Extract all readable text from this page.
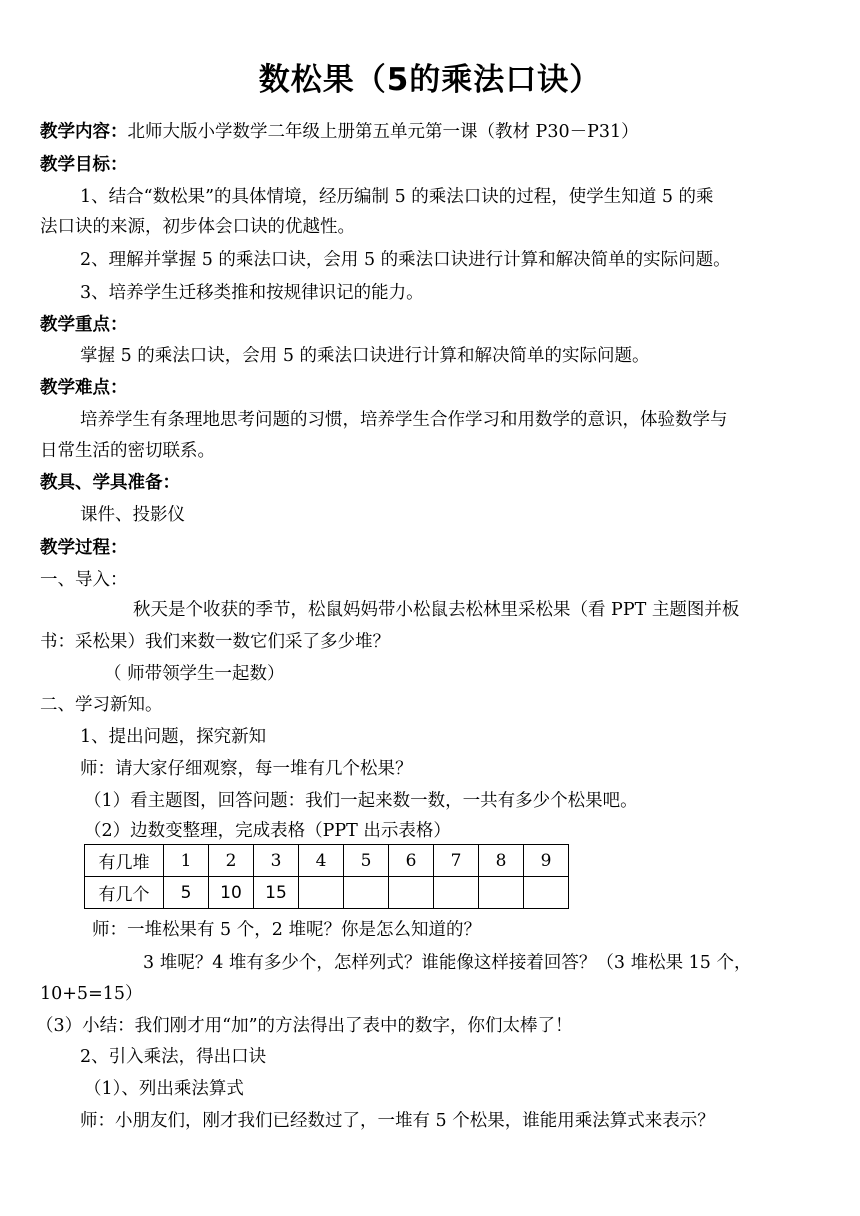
数松果（5的乘法口诀）
教学内容：北师大版小学数学二年级上册第五单元第一课（教材 P30－P31）
教学目标：
1、结合“数松果”的具体情境，经历编制 5 的乘法口诀的过程，使学生知道 5 的乘
法口诀的来源，初步体会口诀的优越性。
2、理解并掌握 5 的乘法口诀，会用 5 的乘法口诀进行计算和解决简单的实际问题。
3、培养学生迁移类推和按规律识记的能力。
教学重点：
掌握 5 的乘法口诀，会用 5 的乘法口诀进行计算和解决简单的实际问题。
教学难点：
培养学生有条理地思考问题的习惯，培养学生合作学习和用数学的意识，体验数学与
日常生活的密切联系。
教具、学具准备：
课件、投影仪
教学过程：
一、导入：
秋天是个收获的季节，松鼠妈妈带小松鼠去松林里采松果（看 PPT 主题图并板
书：采松果）我们来数一数它们采了多少堆？
（ 师带领学生一起数）
二、学习新知。
1、提出问题，探究新知
师：请大家仔细观察，每一堆有几个松果？
（1）看主题图，回答问题：我们一起来数一数，一共有多少个松果吧。
（2）边数变整理，完成表格（PPT 出示表格）
有几堆	1	2	3	4	5	6	7	8	9
有几个	5	10	15						
师：一堆松果有 5 个，2 堆呢？你是怎么知道的？
3 堆呢？4 堆有多少个，怎样列式？谁能像这样接着回答？（3 堆松果 15 个，
10+5=15）
（3）小结：我们刚才用“加”的方法得出了表中的数字，你们太棒了！
2、引入乘法，得出口诀
（1）、列出乘法算式
师：小朋友们，刚才我们已经数过了，一堆有 5 个松果，谁能用乘法算式来表示？
